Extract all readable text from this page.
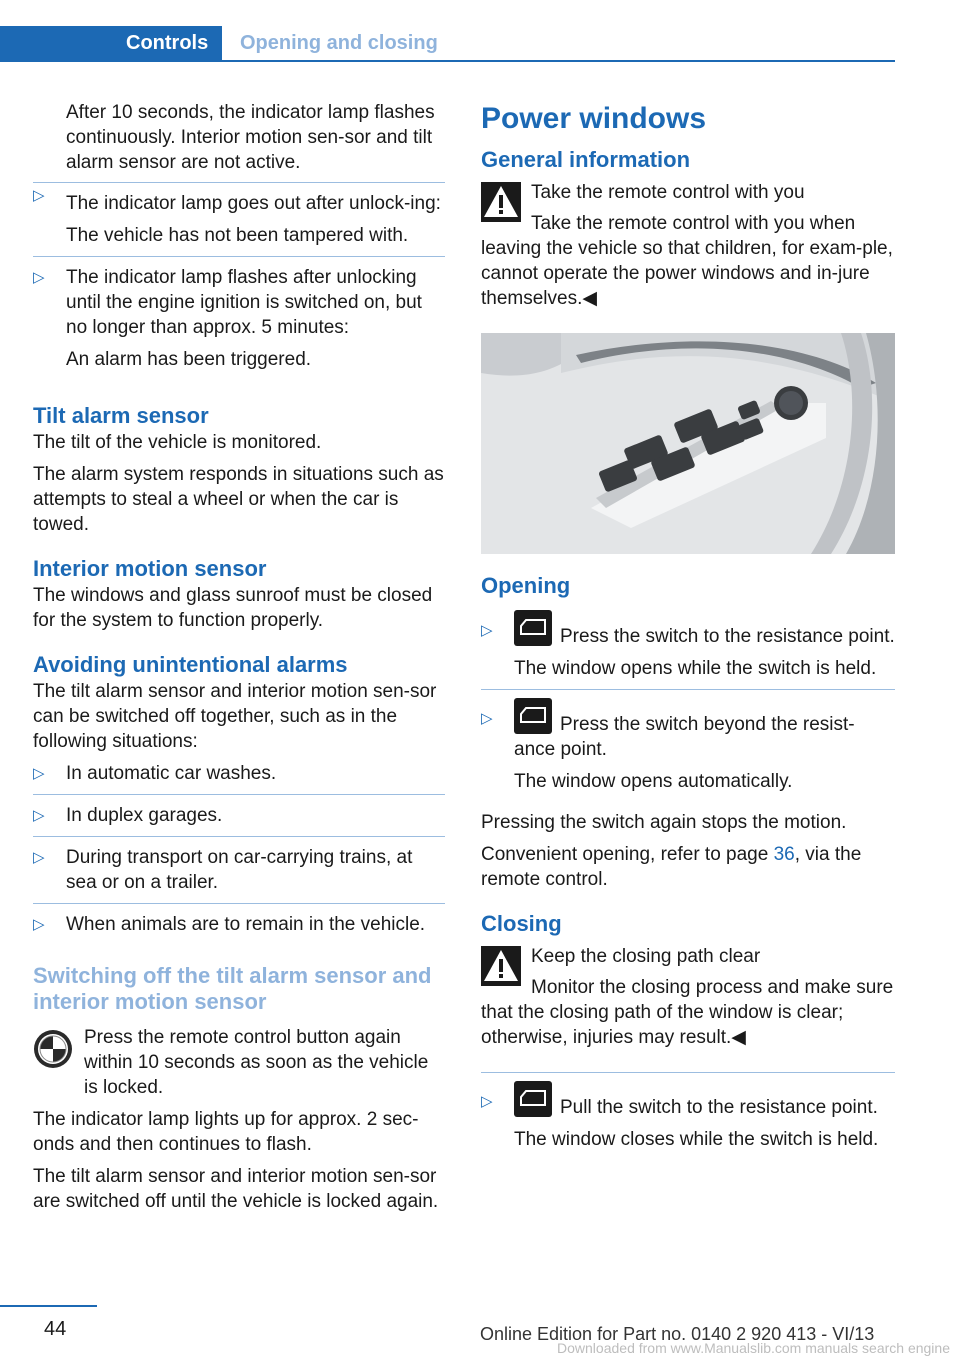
Controls	Opening and closing

After 10 seconds, the indicator lamp flashes continuously. Interior motion sen-sor and tilt alarm sensor are not active.

▷ The indicator lamp goes out after unlock-ing:
The vehicle has not been tampered with.
▷ The indicator lamp flashes after unlocking until the engine ignition is switched on, but no longer than approx. 5 minutes:
An alarm has been triggered.
Tilt alarm sensor

The tilt of the vehicle is monitored.

The alarm system responds in situations such as attempts to steal a wheel or when the car is towed.

Interior motion sensor

The windows and glass sunroof must be closed for the system to function properly.

Avoiding unintentional alarms

The tilt alarm sensor and interior motion sen-sor can be switched off together, such as in the following situations:

▷ In automatic car washes.
▷ In duplex garages.
▷ During transport on car-carrying trains, at sea or on a trailer.
▷ When animals are to remain in the vehicle.
Switching off the tilt alarm sensor and interior motion sensor
Press the remote control button again within 10 seconds as soon as the vehicle is locked.

The indicator lamp lights up for approx. 2 sec-onds and then continues to flash.

The tilt alarm sensor and interior motion sen-sor are switched off until the vehicle is locked again.

Power windows
General information
Take the remote control with you

Take the remote control with you when leaving the vehicle so that children, for exam-ple, cannot operate the power windows and in-jure themselves.◀

Opening
▷	Press the switch to the resistance point.
The window opens while the switch is held.
▷	Press the switch beyond the resist-ance point.
The window opens automatically.

Pressing the switch again stops the motion.

Convenient opening, refer to page 36, via the remote control.

Closing
Keep the closing path clear

Monitor the closing process and make sure that the closing path of the window is clear; otherwise, injuries may result.◀

▷	Pull the switch to the resistance point.
The window closes while the switch is held.
44	Online Edition for Part no. 0140 2 920 413 - VI/13
Downloaded from www.Manualslib.com manuals search engine
